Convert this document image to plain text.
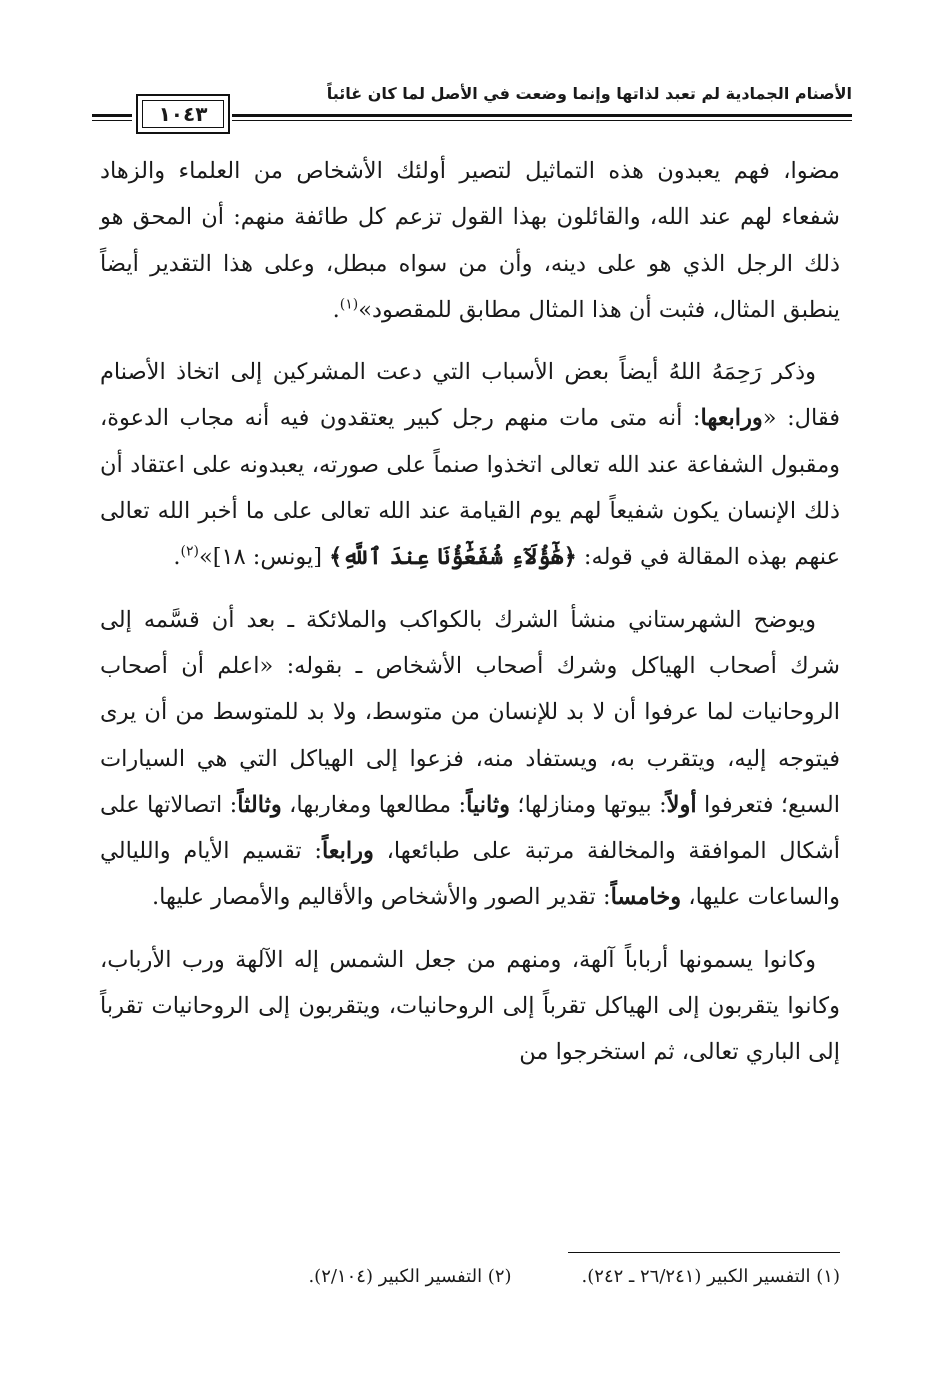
الأصنام الجمادية لم تعبد لذاتها وإنما وضعت في الأصل لما كان غائباً
١٠٤٣

مضوا، فهم يعبدون هذه التماثيل لتصير أولئك الأشخاص من العلماء والزهاد شفعاء لهم عند الله، والقائلون بهذا القول تزعم كل طائفة منهم: أن المحق هو ذلك الرجل الذي هو على دينه، وأن من سواه مبطل، وعلى هذا التقدير أيضاً ينطبق المثال، فثبت أن هذا المثال مطابق للمقصود»$^{(١)}$.

وذكر رَحِمَهُ اللهُ أيضاً بعض الأسباب التي دعت المشركين إلى اتخاذ الأصنام فقال: «ورابعها: أنه متى مات منهم رجل كبير يعتقدون فيه أنه مجاب الدعوة، ومقبول الشفاعة عند الله تعالى اتخذوا صنماً على صورته، يعبدونه على اعتقاد أن ذلك الإنسان يكون شفيعاً لهم يوم القيامة عند الله تعالى على ما أخبر الله تعالى عنهم بهذه المقالة في قوله: ﴿هَٰٓؤُلَآءِ شُفَعَٰٓؤُنَا عِندَ ٱللَّهِ﴾ [يونس: ١٨]»$^{(٢)}$.

ويوضح الشهرستاني منشأ الشرك بالكواكب والملائكة ـ بعد أن قسَّمه إلى شرك أصحاب الهياكل وشرك أصحاب الأشخاص ـ بقوله: «اعلم أن أصحاب الروحانيات لما عرفوا أن لا بد للإنسان من متوسط، ولا بد للمتوسط من أن يرى فيتوجه إليه، ويتقرب به، ويستفاد منه، فزعوا إلى الهياكل التي هي السيارات السبع؛ فتعرفوا أولاً: بيوتها ومنازلها؛ وثانياً: مطالعها ومغاربها، وثالثاً: اتصالاتها على أشكال الموافقة والمخالفة مرتبة على طبائعها، ورابعاً: تقسيم الأيام والليالي والساعات عليها، وخامساً: تقدير الصور والأشخاص والأقاليم والأمصار عليها.

وكانوا يسمونها أرباباً آلهة، ومنهم من جعل الشمس إله الآلهة ورب الأرباب، وكانوا يتقربون إلى الهياكل تقرباً إلى الروحانيات، ويتقربون إلى الروحانيات تقرباً إلى الباري تعالى، ثم استخرجوا من

(١) التفسير الكبير (٢٦/٢٤١ ـ ٢٤٢).(٢) التفسير الكبير (٢/١٠٤).
